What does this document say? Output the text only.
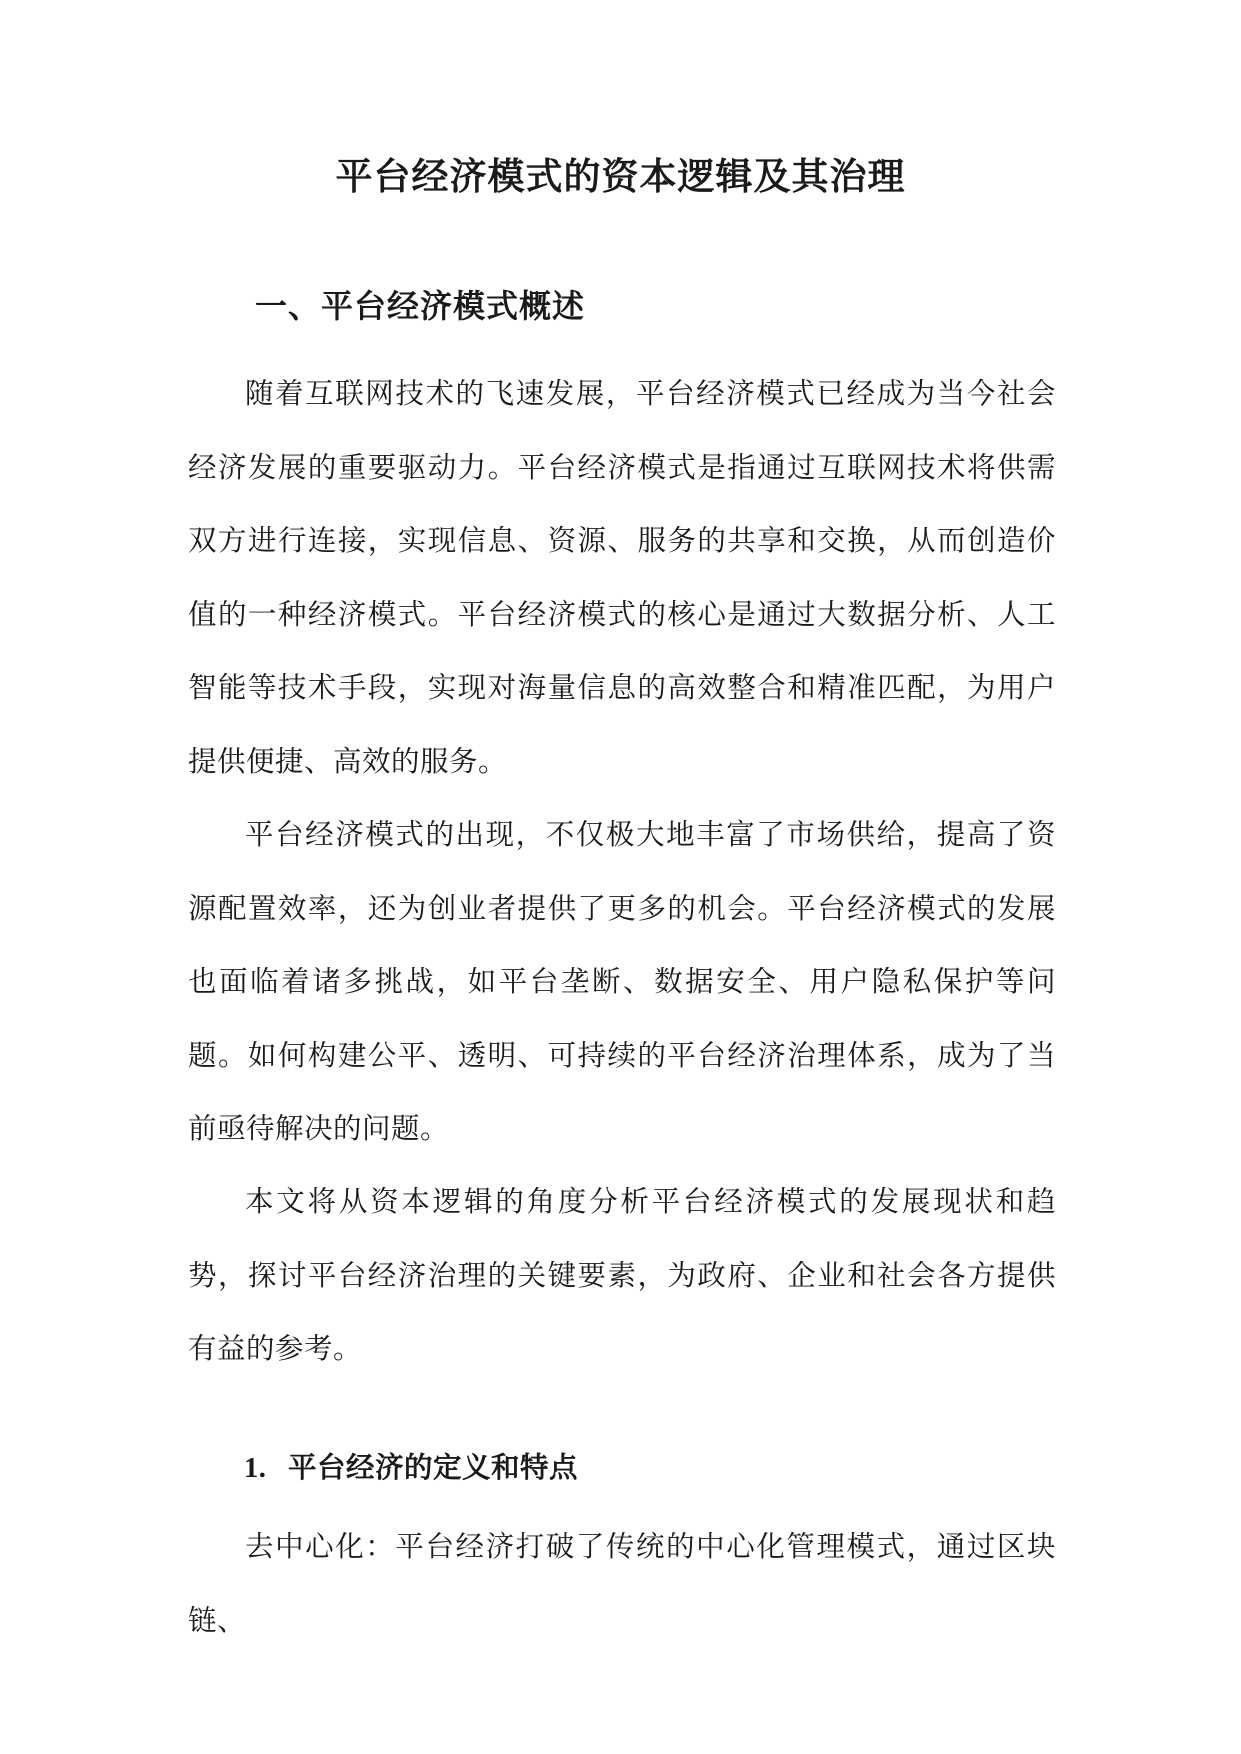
平台经济模式的资本逻辑及其治理
一、平台经济模式概述

随着互联网技术的飞速发展，平台经济模式已经成为当今社会经济发展的重要驱动力。平台经济模式是指通过互联网技术将供需双方进行连接，实现信息、资源、服务的共享和交换，从而创造价值的一种经济模式。平台经济模式的核心是通过大数据分析、人工智能等技术手段，实现对海量信息的高效整合和精准匹配，为用户提供便捷、高效的服务。

平台经济模式的出现，不仅极大地丰富了市场供给，提高了资源配置效率，还为创业者提供了更多的机会。平台经济模式的发展也面临着诸多挑战，如平台垄断、数据安全、用户隐私保护等问题。如何构建公平、透明、可持续的平台经济治理体系，成为了当前亟待解决的问题。

本文将从资本逻辑的角度分析平台经济模式的发展现状和趋势，探讨平台经济治理的关键要素，为政府、企业和社会各方提供有益的参考。

1. 平台经济的定义和特点

去中心化：平台经济打破了传统的中心化管理模式，通过区块链、
